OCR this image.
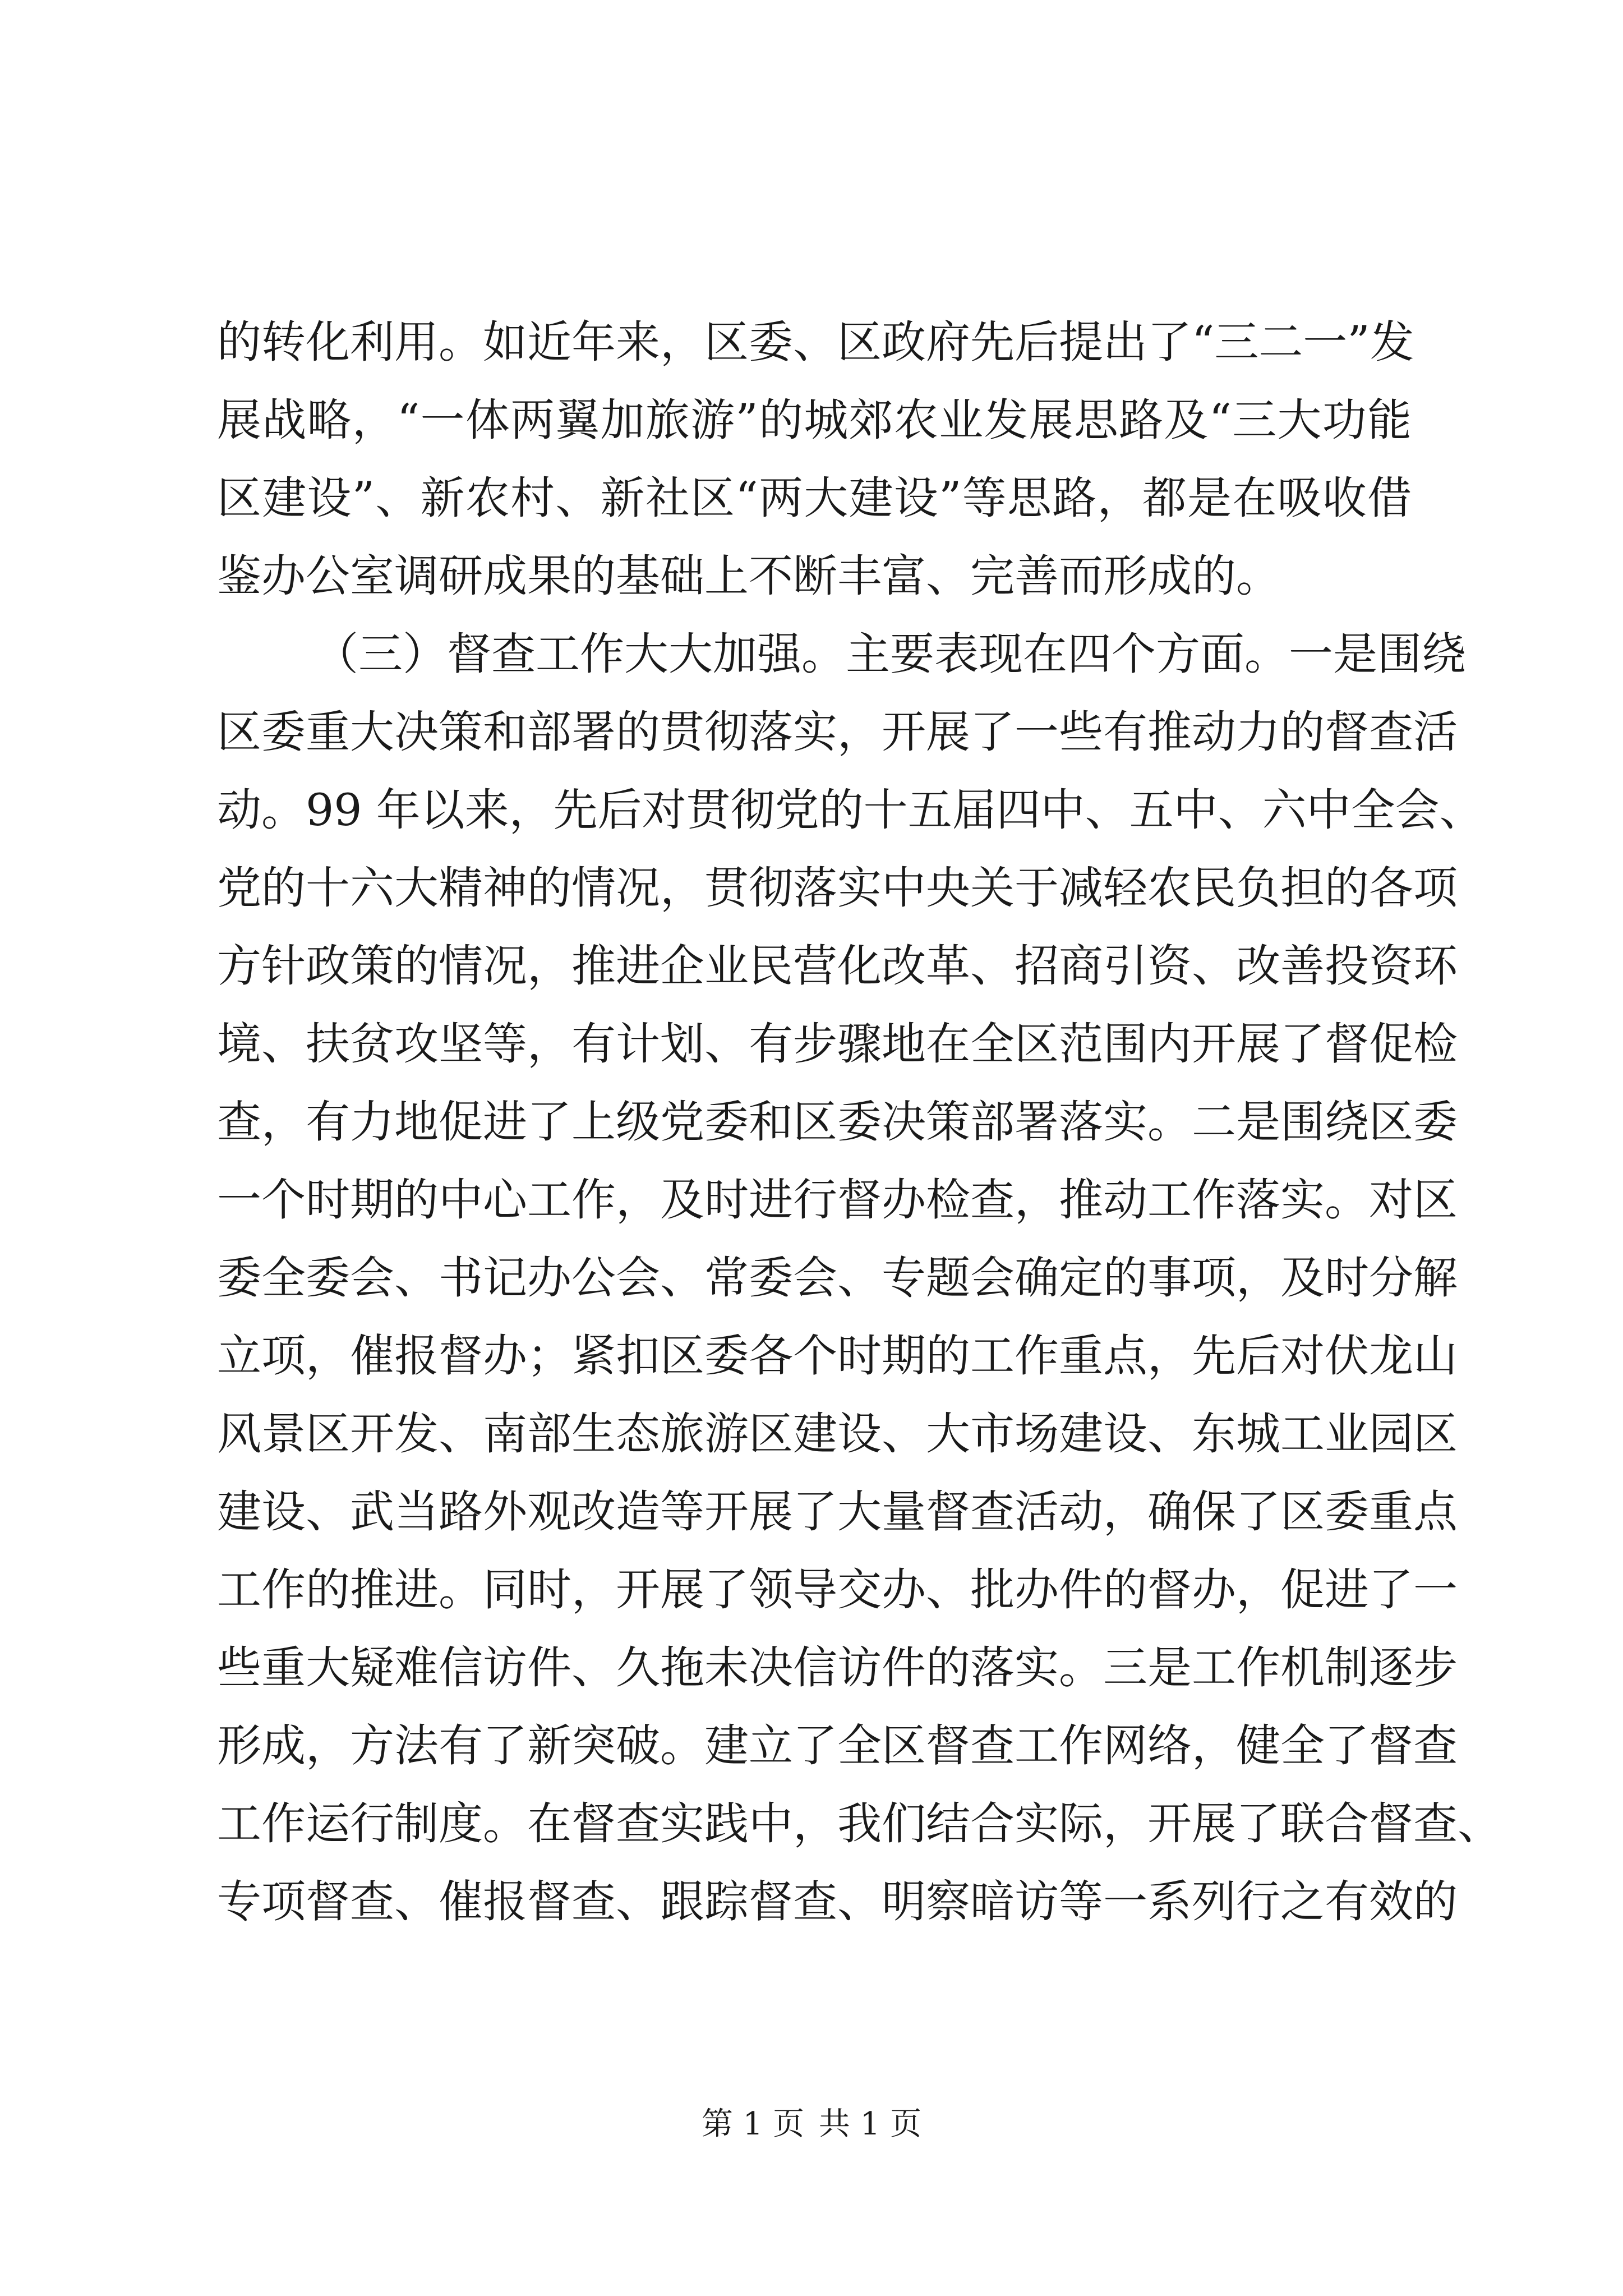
的转化利用。如近年来，区委、区政府先后提出了“三二一”发
展战略，“一体两翼加旅游”的城郊农业发展思路及“三大功能
区建设”、新农村、新社区“两大建设”等思路，都是在吸收借
鉴办公室调研成果的基础上不断丰富、完善而形成的。
（三）督查工作大大加强。主要表现在四个方面。一是围绕
区委重大决策和部署的贯彻落实，开展了一些有推动力的督查活
动。99 年以来，先后对贯彻党的十五届四中、五中、六中全会、
党的十六大精神的情况，贯彻落实中央关于减轻农民负担的各项
方针政策的情况，推进企业民营化改革、招商引资、改善投资环
境、扶贫攻坚等，有计划、有步骤地在全区范围内开展了督促检
查，有力地促进了上级党委和区委决策部署落实。二是围绕区委
一个时期的中心工作，及时进行督办检查，推动工作落实。对区
委全委会、书记办公会、常委会、专题会确定的事项，及时分解
立项，催报督办；紧扣区委各个时期的工作重点，先后对伏龙山
风景区开发、南部生态旅游区建设、大市场建设、东城工业园区
建设、武当路外观改造等开展了大量督查活动，确保了区委重点
工作的推进。同时，开展了领导交办、批办件的督办，促进了一
些重大疑难信访件、久拖未决信访件的落实。三是工作机制逐步
形成，方法有了新突破。建立了全区督查工作网络，健全了督查
工作运行制度。在督查实践中，我们结合实际，开展了联合督查、
专项督查、催报督查、跟踪督查、明察暗访等一系列行之有效的
第 1 页 共 1 页
